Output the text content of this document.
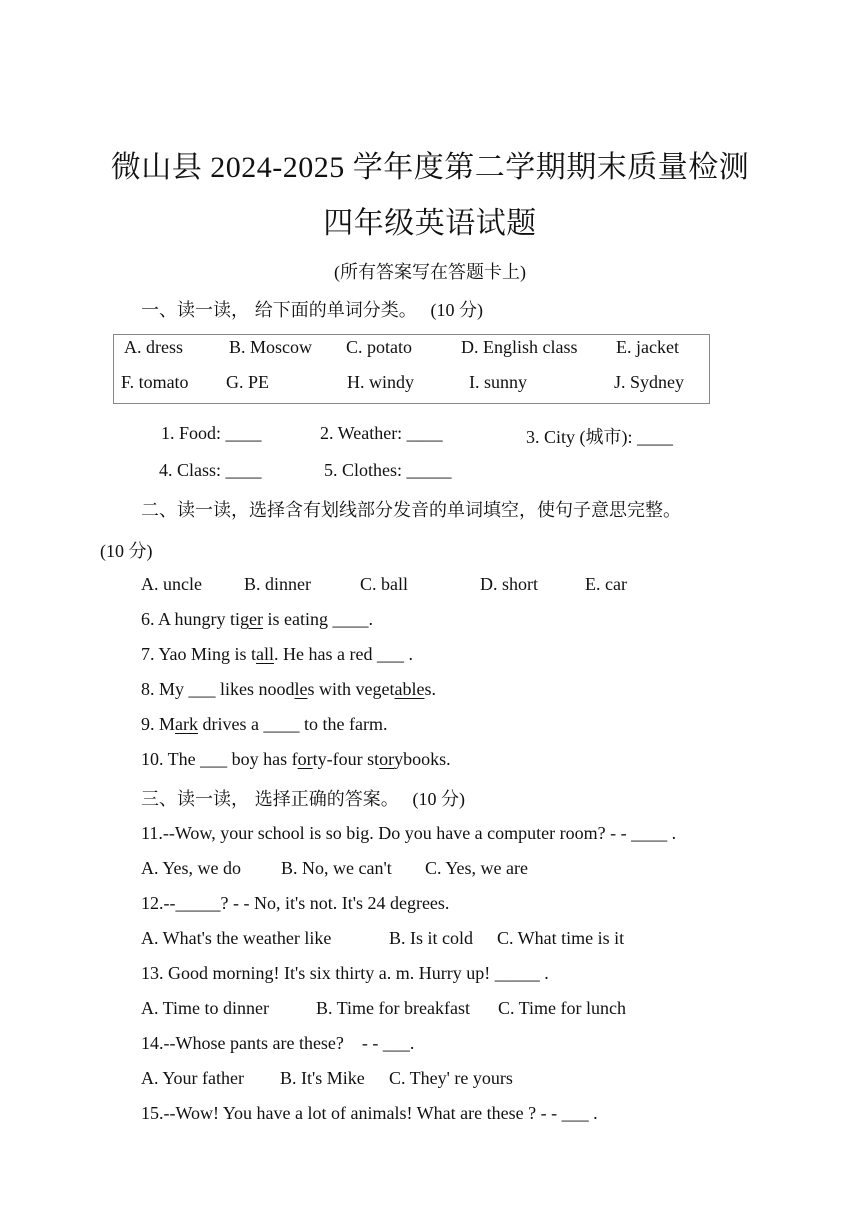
微山县 2024-2025 学年度第二学期期末质量检测
四年级英语试题
(所有答案写在答题卡上)
一、读一读， 给下面的单词分类。 (10 分)
A. dress	B. Moscow C. potato	D. English class E. jacket
F. tomato G. PE	H. windy	I. sunny	J. Sydney
1. Food: ____	2. Weather: ____	3. City (城市): ____
4. Class: ____	5. Clothes: _____
二、读一读，选择含有划线部分发音的单词填空，使句子意思完整。
(10 分)
A. uncle B. dinner	C. ball	D. short	E. car
6. A hungry tiger is eating ____.
7. Yao Ming is tall. He has a red ___ .
8. My ___ likes noodles with vegetables.
9. Mark drives a ____ to the farm.
10. The ___ boy has forty-four storybooks.
三、读一读， 选择正确的答案。 (10 分)
11.--Wow, your school is so big. Do you have a computer room? - - ____ .
A. Yes, we do B. No, we can't C. Yes, we are
12.--_____? - - No, it's not. It's 24 degrees.
A. What's the weather like	B. Is it cold C. What time is it
13. Good morning! It's six thirty a. m. Hurry up! _____ .
A. Time to dinner	B. Time for breakfast C. Time for lunch
14.--Whose pants are these?    - - ___.
A. Your father B. It's Mike C. They' re yours
15.--Wow! You have a lot of animals! What are these ? - - ___ .
